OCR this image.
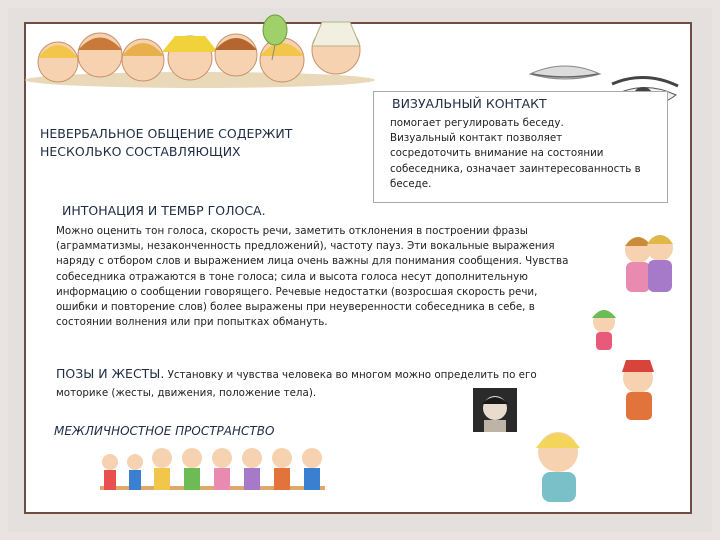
НЕВЕРБАЛЬНОЕ ОБЩЕНИЕ СОДЕРЖИТ
НЕСКОЛЬКО СОСТАВЛЯЮЩИХ
ВИЗУАЛЬНЫЙ КОНТАКТ
помогает регулировать беседу.
Визуальный контакт позволяет
сосредоточить внимание на состоянии
собеседника, означает заинтересованность в
беседе.
ИНТОНАЦИЯ И ТЕМБР ГОЛОСА.
Можно оценить тон голоса, скорость речи, заметить отклонения в построении фразы
(аграмматизмы, незаконченность предложений), частоту пауз. Эти вокальные выражения
наряду с отбором слов и выражением лица очень важны для понимания сообщения. Чувства
собеседника отражаются в тоне голоса; сила и высота голоса несут дополнительную
информацию о сообщении говорящего. Речевые недостатки (возросшая скорость речи,
ошибки и повторение слов) более выражены при неуверенности собеседника в себе, в
состоянии волнения или при попытках обмануть.
ПОЗЫ И ЖЕСТЫ. Установку и чувства человека во многом можно определить по его
моторике (жесты, движения, положение тела).
МЕЖЛИЧНОСТНОЕ ПРОСТРАНСТВО
